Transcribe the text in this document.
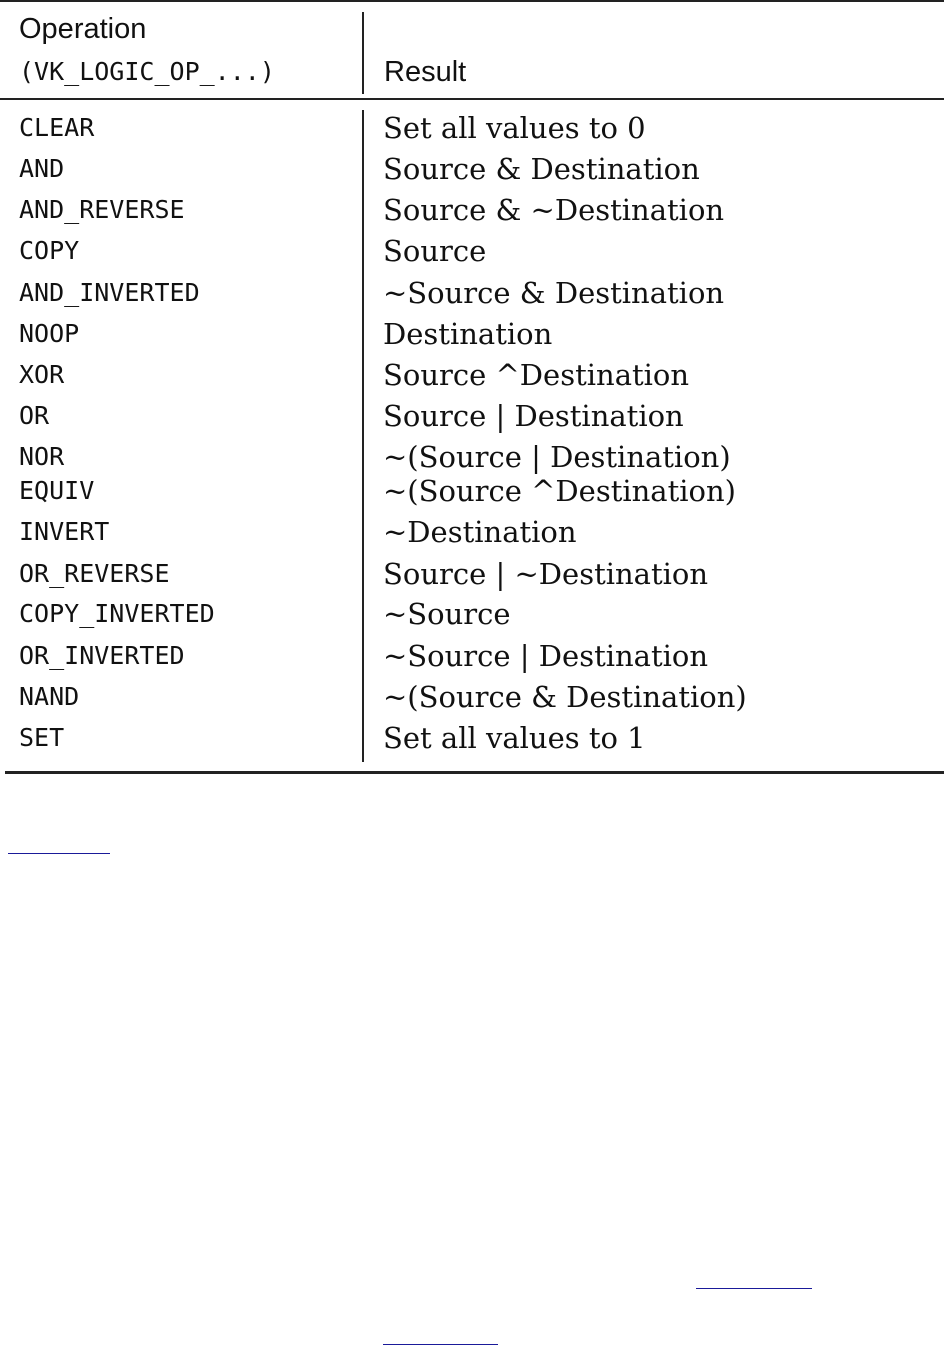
Operation
(VK_LOGIC_OP_...)	Result
CLEAR	Set all values to 0
AND	Source & Destination
AND_REVERSE	Source & ~Destination
COPY	Source
AND_INVERTED	~Source & Destination
NOOP	Destination
XOR	Source ^Destination
OR	Source | Destination
NOR	~(Source | Destination)
EQUIV	~(Source ^Destination)
INVERT	~Destination
OR_REVERSE	Source | ~Destination
COPY_INVERTED	~Source
OR_INVERTED	~Source | Destination
NAND	~(Source & Destination)
SET	Set all values to 1
